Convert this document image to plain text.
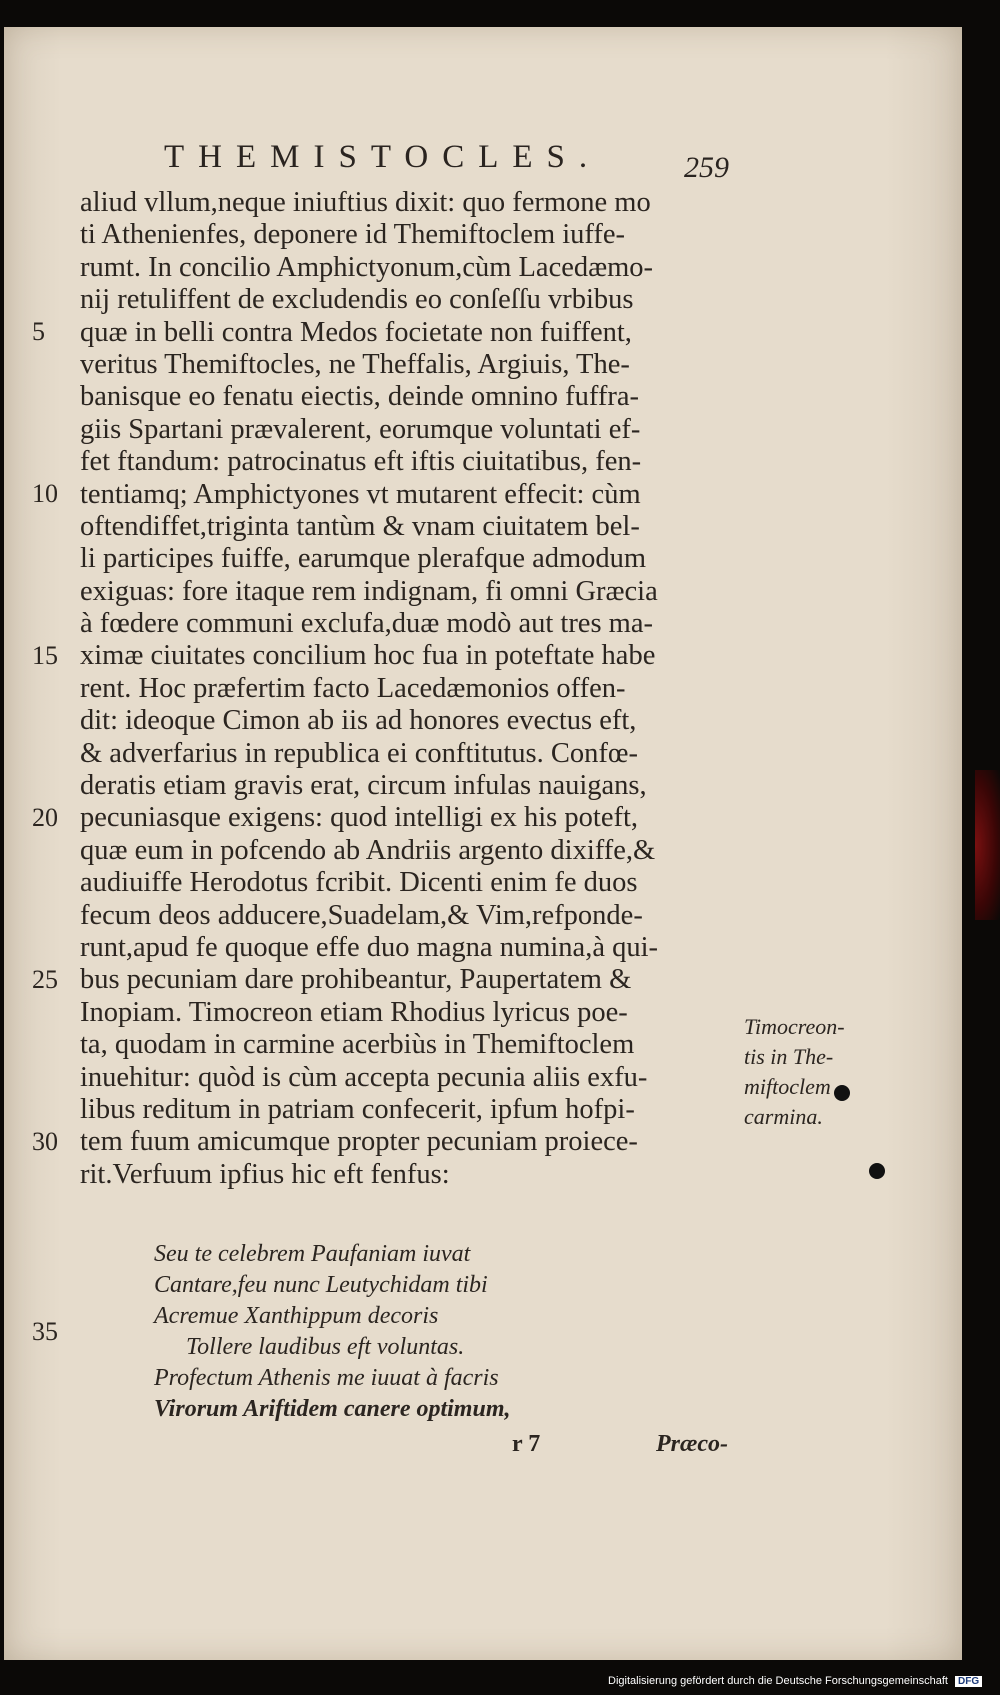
THEMISTOCLES.	259
aliud vllum,neque iniuftius dixit: quo fermone mo
ti Athenienfes, deponere id Themiftoclem iuffe-
rumt. In concilio Amphictyonum,cùm Lacedæmo-
nij retuliffent de excludendis eo conſeſſu vrbibus
quæ in belli contra Medos focietate non fuiffent,
veritus Themiftocles, ne Theffalis, Argiuis, The-
banisque eo fenatu eiectis, deinde omnino fuffra-
giis Spartani prævalerent, eorumque voluntati ef-
fet ftandum: patrocinatus eft iftis ciuitatibus, fen-
tentiamq; Amphictyones vt mutarent effecit: cùm
oftendiffet,triginta tantùm & vnam ciuitatem bel-
li participes fuiffe, earumque plerafque admodum
exiguas: fore itaque rem indignam, fi omni Græcia
à fœdere communi exclufa,duæ modò aut tres ma-
ximæ ciuitates concilium hoc fua in poteftate habe
rent. Hoc præfertim facto Lacedæmonios offen-
dit: ideoque Cimon ab iis ad honores evectus eft,
& adverfarius in republica ei conftitutus. Confœ-
deratis etiam gravis erat, circum infulas nauigans,
pecuniasque exigens: quod intelligi ex his poteft,
quæ eum in pofcendo ab Andriis argento dixiffe,&
audiuiffe Herodotus fcribit. Dicenti enim fe duos
fecum deos adducere,Suadelam,& Vim,refponde-
runt,apud fe quoque effe duo magna numina,à qui-
bus pecuniam dare prohibeantur, Paupertatem &
Inopiam. Timocreon etiam Rhodius lyricus poe-
ta, quodam in carmine acerbiùs in Themiftoclem
inuehitur: quòd is cùm accepta pecunia aliis exfu-
libus reditum in patriam confecerit, ipfum hofpi-
tem fuum amicumque propter pecuniam proiece-
rit.Verfuum ipfius hic eft fenfus:
5
10
15
20
25
30
35
Seu te celebrem Paufaniam iuvat
Cantare,feu nunc Leutychidam tibi
Acremue Xanthippum decoris
Tollere laudibus eft voluntas.
Profectum Athenis me iuuat à facris
Virorum Ariftidem canere optimum,
r 7	Præco-
Timocreon-
tis in The-
miftoclem
carmina.
Digitalisierung gefördert durch die Deutsche Forschungsgemeinschaft DFG
